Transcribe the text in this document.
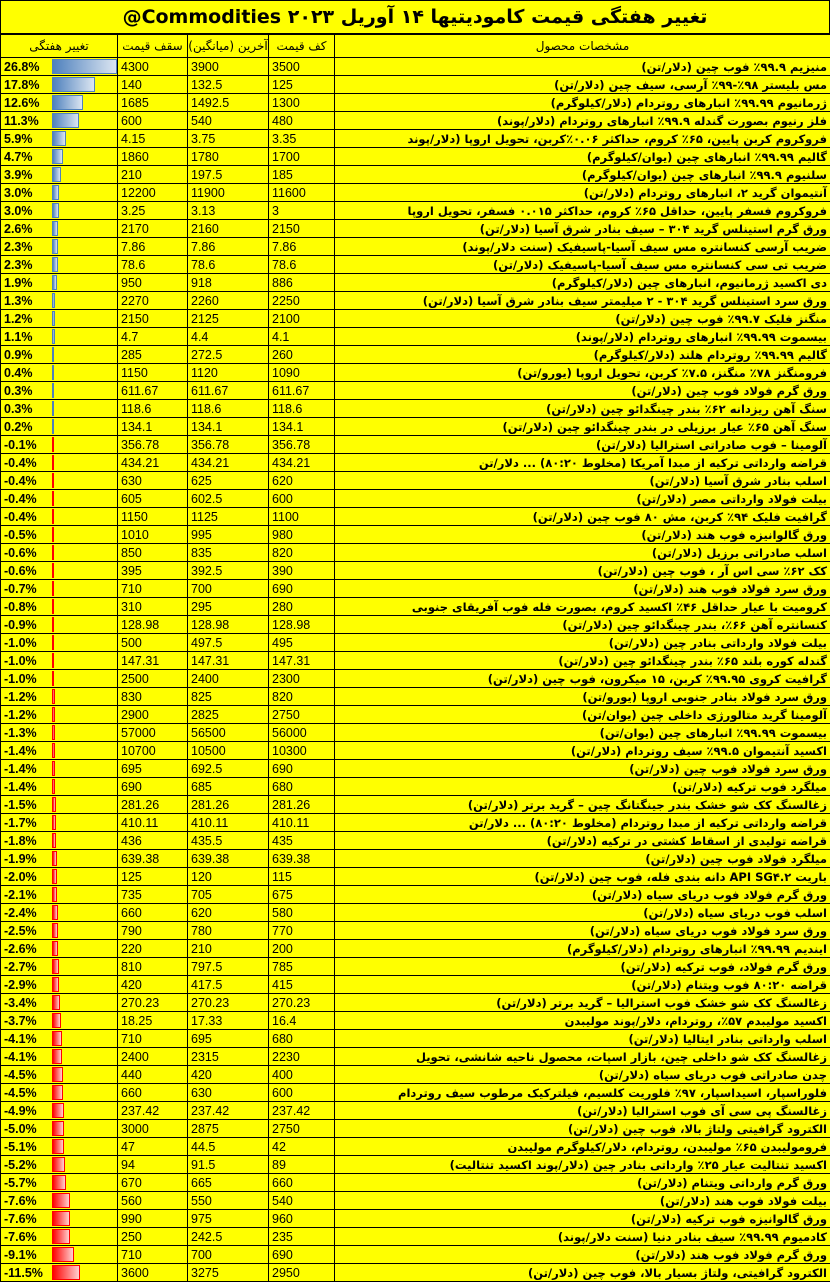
تغییر هفتگی قیمت کامودیتیها ۱۴ آوریل ۲۰۲۳ Commodities@
مشخصات محصول	کف قیمت	آخرین (میانگین)	سقف قیمت	تغییر هفتگی
منیزیم ۹۹.۹٪ فوب چین (دلار/تن)	3500	3900	4300	26.8%

مس بلیستر ۹۸٪-۹۹٪ آرسی، سیف چین (دلار/تن)	125	132.5	140	17.8%

ژرمانیوم ۹۹.۹۹٪ انبارهای روتردام (دلار/کیلوگرم)	1300	1492.5	1685	12.6%

فلز رنیوم بصورت گندله ۹۹.۹٪ انبارهای روتردام (دلار/پوند)	480	540	600	11.3%

فروکروم کربن پایین، ۶۵٪ کروم، حداکثر ۰.۰۶٪کربن، تحویل اروپا (دلار/پوند	3.35	3.75	4.15	5.9%

گالیم ۹۹.۹۹٪ انبارهای چین (یوان/کیلوگرم)	1700	1780	1860	4.7%

سلنیوم ۹۹.۹٪ انبارهای چین (یوان/کیلوگرم)	185	197.5	210	3.9%

آنتیموان گرید ۲، انبارهای روتردام (دلار/تن)	11600	11900	12200	3.0%

فروکروم فسفر پایین، حداقل ۶۵٪ کروم، حداکثر ۰.۰۱۵ فسفر، تحویل اروپا	3	3.13	3.25	3.0%

ورق گرم استینلس گرید ۳۰۴ – سیف بنادر شرق آسیا (دلار/تن)	2150	2160	2170	2.6%

ضریب آرسی کنسانتره مس سیف آسیا-پاسیفیک (سنت دلار/پوند)	7.86	7.86	7.86	2.3%

ضریب تی سی کنسانتره مس سیف آسیا-پاسیفیک (دلار/تن)	78.6	78.6	78.6	2.3%

دی اکسید ژرمانیوم، انبارهای چین (دلار/کیلوگرم)	886	918	950	1.9%

ورق سرد استینلس گرید ۳۰۴ - ۲ میلیمتر سیف بنادر شرق آسیا (دلار/تن)	2250	2260	2270	1.3%

منگنز فلیک ۹۹.۷٪ فوب چین (دلار/تن)	2100	2125	2150	1.2%

بیسموت ۹۹.۹۹٪ انبارهای روتردام (دلار/پوند)	4.1	4.4	4.7	1.1%

گالیم ۹۹.۹۹٪ روتردام هلند (دلار/کیلوگرم)	260	272.5	285	0.9%

فرومنگنز ۷۸٪ منگنز، ۷.۵٪ کربن، تحویل اروپا (یورو/تن)	1090	1120	1150	0.4%

ورق گرم فولاد فوب چین (دلار/تن)	611.67	611.67	611.67	0.3%

سنگ آهن ریزدانه ۶۲٪ بندر چینگدائو چین (دلار/تن)	118.6	118.6	118.6	0.3%

سنگ آهن ۶۵٪ عیار برزیلی در بندر چینگدائو چین (دلار/تن)	134.1	134.1	134.1	0.2%

آلومینا – فوب صادراتی استرالیا (دلار/تن)	356.78	356.78	356.78	-0.1%

قراضه وارداتی ترکیه از مبدا آمریکا (مخلوط ۸۰:۲۰) ... دلار/تن	434.21	434.21	434.21	-0.4%

اسلب بنادر شرق آسیا (دلار/تن)	620	625	630	-0.4%

بیلت فولاد وارداتی مصر (دلار/تن)	600	602.5	605	-0.4%

گرافیت فلیک ۹۴٪ کربن، مش ۸۰ فوب چین (دلار/تن)	1100	1125	1150	-0.4%

ورق گالوانیزه فوب هند (دلار/تن)	980	995	1010	-0.5%

اسلب صادراتی برزیل (دلار/تن)	820	835	850	-0.6%

کک ۶۲٪ سی اس آر ، فوب چین (دلار/تن)	390	392.5	395	-0.6%

ورق سرد فولاد فوب هند (دلار/تن)	690	700	710	-0.7%

کرومیت با عیار حداقل ۴۶٪ اکسید کروم، بصورت فله فوب آفریقای جنوبی	280	295	310	-0.8%

کنسانتره آهن ۶۶٪، بندر چینگدائو چین (دلار/تن)	128.98	128.98	128.98	-0.9%

بیلت فولاد وارداتی بنادر چین (دلار/تن)	495	497.5	500	-1.0%

گندله کوره بلند ۶۵٪ بندر چینگدائو چین (دلار/تن)	147.31	147.31	147.31	-1.0%

گرافیت کروی ۹۹.۹۵٪ کربن، ۱۵ میکرون، فوب چین (دلار/تن)	2300	2400	2500	-1.0%

ورق سرد فولاد بنادر جنوبی اروپا (یورو/تن)	820	825	830	-1.2%

آلومینا گرید متالورژی داخلی چین (یوان/تن)	2750	2825	2900	-1.2%

بیسموت ۹۹.۹۹٪ انبارهای چین (یوان/تن)	56000	56500	57000	-1.3%

اکسید آنتیموان ۹۹.۵٪ سیف روتردام (دلار/تن)	10300	10500	10700	-1.4%

ورق سرد فولاد فوب چین (دلار/تن)	690	692.5	695	-1.4%

میلگرد فوب ترکیه (دلار/تن)	680	685	690	-1.4%

زغالسنگ کک شو خشک بندر جینگتانگ چین – گرید برتر (دلار/تن)	281.26	281.26	281.26	-1.5%

قراضه وارداتی ترکیه از مبدا روتردام (مخلوط ۸۰:۲۰) ... دلار/تن	410.11	410.11	410.11	-1.7%

قراضه تولیدی از اسقاط کشتی در ترکیه (دلار/تن)	435	435.5	436	-1.8%

میلگرد فولاد فوب چین (دلار/تن)	639.38	639.38	639.38	-1.9%

باریت API SG۴.۲ دانه بندی فله، فوب چین (دلار/تن)	115	120	125	-2.0%

ورق گرم فولاد فوب دریای سیاه (دلار/تن)	675	705	735	-2.1%

اسلب فوب دریای سیاه (دلار/تن)	580	620	660	-2.4%

ورق سرد فولاد فوب دریای سیاه (دلار/تن)	770	780	790	-2.5%

ایندیم ۹۹.۹۹٪ انبارهای روتردام (دلار/کیلوگرم)	200	210	220	-2.6%

ورق گرم فولاد، فوب ترکیه (دلار/تن)	785	797.5	810	-2.7%

قراضه ۸۰:۲۰ فوب ویتنام (دلار/تن)	415	417.5	420	-2.9%

زغالسنگ کک شو خشک فوب استرالیا – گرید برتر (دلار/تن)	270.23	270.23	270.23	-3.4%

اکسید مولیبدم ۵۷٪، روتردام، دلار/پوند مولیبدن	16.4	17.33	18.25	-3.7%

اسلب وارداتی بنادر ایتالیا (دلار/تن)	680	695	710	-4.1%

زغالسنگ کک شو داخلی چین، بازار اسپات، محصول ناحیه شانشی، تحویل	2230	2315	2400	-4.1%

چدن صادراتی فوب دریای سیاه (دلار/تن)	400	420	440	-4.5%

فلوراسپار، اسیداسپار، ۹۷٪ فلوریت کلسیم، فیلترکیک مرطوب سیف روتردام	600	630	660	-4.5%

زغالسنگ پی سی آی فوب استرالیا (دلار/تن)	237.42	237.42	237.42	-4.9%

الکترود گرافیتی ولتاژ بالا، فوب چین (دلار/تن)	2750	2875	3000	-5.0%

فرومولیبدن ۶۵٪ مولیبدن، روتردام، دلار/کیلوگرم مولیبدن	42	44.5	47	-5.1%

اکسید تنتالیت عیار ۲۵٪ وارداتی بنادر چین (دلار/پوند اکسید تنتالیت)	89	91.5	94	-5.2%

ورق گرم وارداتی ویتنام (دلار/تن)	660	665	670	-5.7%

بیلت فولاد فوب هند (دلار/تن)	540	550	560	-7.6%

ورق گالوانیزه فوب ترکیه (دلار/تن)	960	975	990	-7.6%

کادمیوم ۹۹.۹۹٪ سیف بنادر دنیا (سنت دلار/پوند)	235	242.5	250	-7.6%

ورق گرم فولاد فوب هند (دلار/تن)	690	700	710	-9.1%

الکترود گرافیتی، ولتاژ بسیار بالا، فوب چین (دلار/تن)	2950	3275	3600	-11.5%
